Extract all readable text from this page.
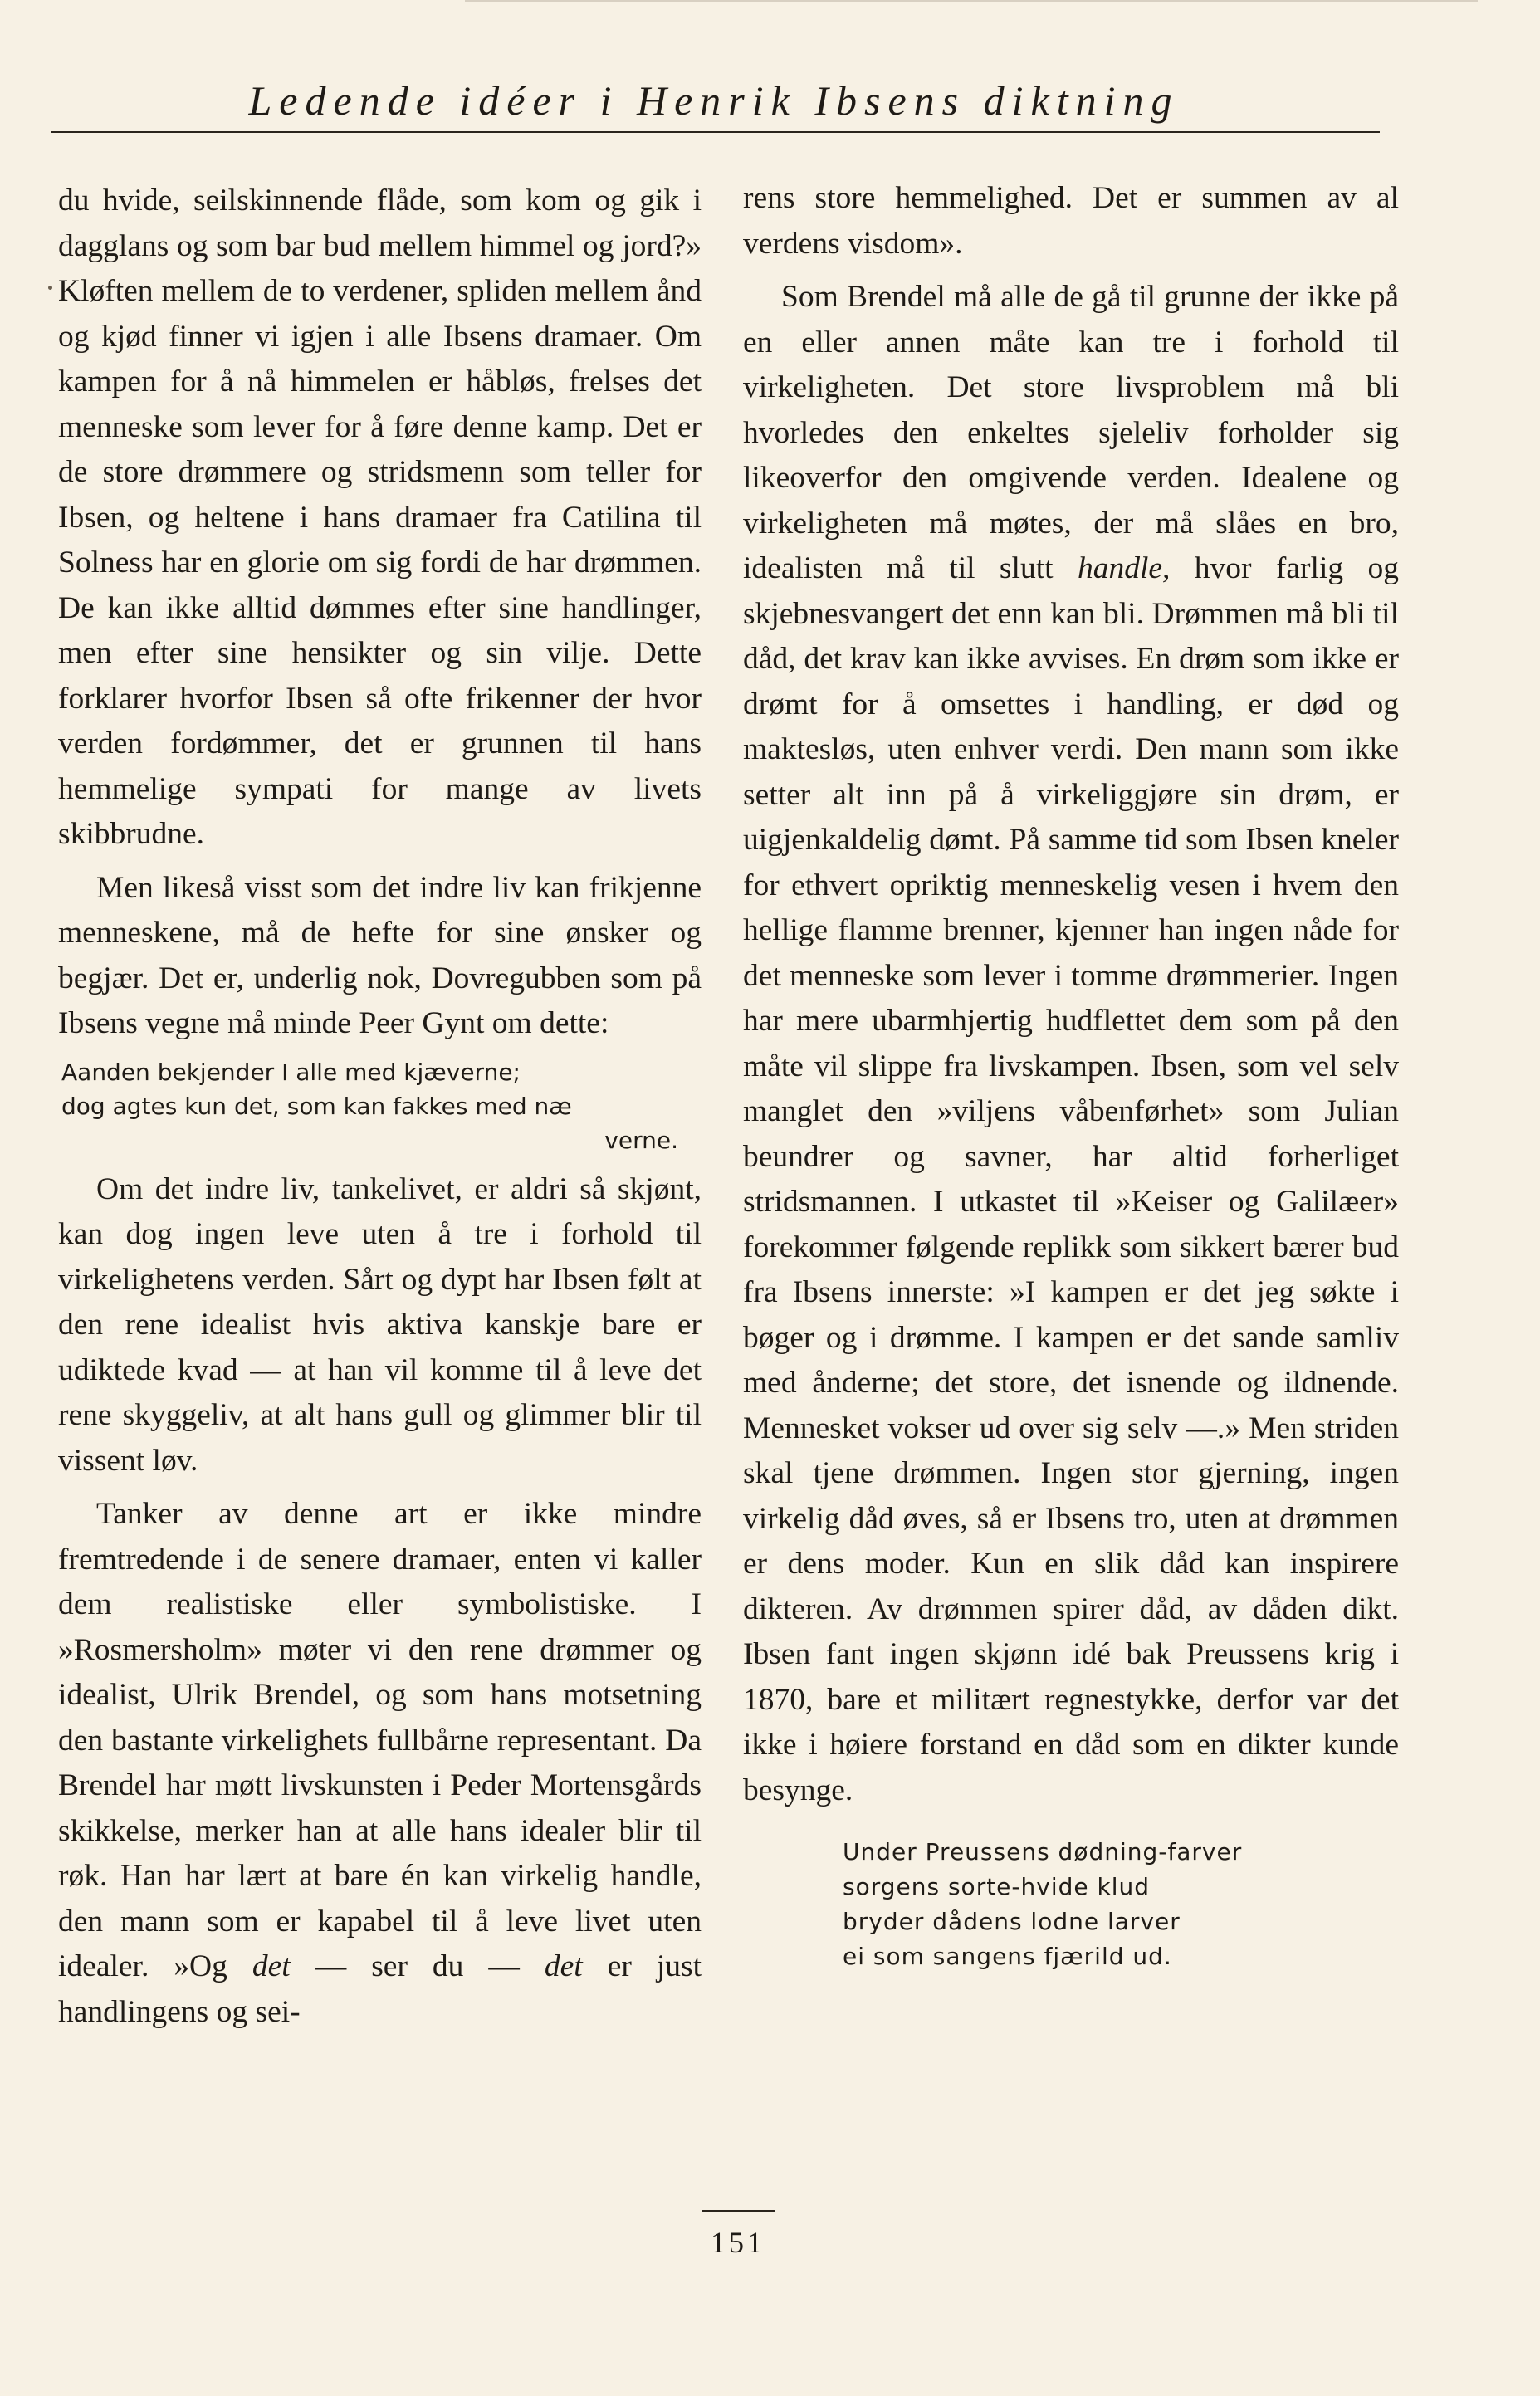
Ledende idéer i Henrik Ibsens diktning

du hvide, seilskinnende flåde, som kom og gik i dagglans og som bar bud mellem himmel og jord?» Kløften mellem de to verdener, spliden mellem ånd og kjød finner vi igjen i alle Ibsens dramaer. Om kampen for å nå himmelen er håbløs, frelses det menneske som lever for å føre denne kamp. Det er de store drømmere og stridsmenn som teller for Ibsen, og heltene i hans dramaer fra Catilina til Solness har en glorie om sig fordi de har drømmen. De kan ikke alltid dømmes efter sine handlinger, men efter sine hensikter og sin vilje. Dette forklarer hvorfor Ibsen så ofte frikenner der hvor verden fordømmer, det er grunnen til hans hemmelige sympati for mange av livets skibbrudne.

Men likeså visst som det indre liv kan frikjenne menneskene, må de hefte for sine ønsker og begjær. Det er, underlig nok, Dovregubben som på Ibsens vegne må minde Peer Gynt om dette:

Aanden bekjender I alle med kjæverne;
dog agtes kun det, som kan fakkes med næ
verne.

Om det indre liv, tankelivet, er aldri så skjønt, kan dog ingen leve uten å tre i forhold til virkelighetens verden. Sårt og dypt har Ibsen følt at den rene idealist hvis aktiva kanskje bare er udiktede kvad — at han vil komme til å leve det rene skyggeliv, at alt hans gull og glimmer blir til vissent løv.

Tanker av denne art er ikke mindre fremtredende i de senere dramaer, enten vi kaller dem realistiske eller symbolistiske. I »Rosmersholm» møter vi den rene drømmer og idealist, Ulrik Brendel, og som hans motsetning den bastante virkelighets fullbårne representant. Da Brendel har møtt livskunsten i Peder Mortensgårds skikkelse, merker han at alle hans idealer blir til røk. Han har lært at bare én kan virkelig handle, den mann som er kapabel til å leve livet uten idealer. »Og det — ser du — det er just handlingens og sei-

rens store hemmelighed. Det er summen av al verdens visdom».

Som Brendel må alle de gå til grunne der ikke på en eller annen måte kan tre i forhold til virkeligheten. Det store livsproblem må bli hvorledes den enkeltes sjeleliv forholder sig likeoverfor den omgivende verden. Idealene og virkeligheten må møtes, der må slåes en bro, idealisten må til slutt handle, hvor farlig og skjebnesvangert det enn kan bli. Drømmen må bli til dåd, det krav kan ikke avvises. En drøm som ikke er drømt for å omsettes i handling, er død og maktesløs, uten enhver verdi. Den mann som ikke setter alt inn på å virkeliggjøre sin drøm, er uigjenkaldelig dømt. På samme tid som Ibsen kneler for ethvert opriktig menneskelig vesen i hvem den hellige flamme brenner, kjenner han ingen nåde for det menneske som lever i tomme drømmerier. Ingen har mere ubarmhjertig hudflettet dem som på den måte vil slippe fra livskampen. Ibsen, som vel selv manglet den »viljens våbenførhet» som Julian beundrer og savner, har altid forherliget stridsmannen. I utkastet til »Keiser og Galilæer» forekommer følgende replikk som sikkert bærer bud fra Ibsens innerste: »I kampen er det jeg søkte i bøger og i drømme. I kampen er det sande samliv med ånderne; det store, det isnende og ildnende. Mennesket vokser ud over sig selv —.» Men striden skal tjene drømmen. Ingen stor gjerning, ingen virkelig dåd øves, så er Ibsens tro, uten at drømmen er dens moder. Kun en slik dåd kan inspirere dikteren. Av drømmen spirer dåd, av dåden dikt. Ibsen fant ingen skjønn idé bak Preussens krig i 1870, bare et militært regnestykke, derfor var det ikke i høiere forstand en dåd som en dikter kunde besynge.

Under Preussens dødning-farver
sorgens sorte-hvide klud
bryder dådens lodne larver
ei som sangens fjærild ud.
151
